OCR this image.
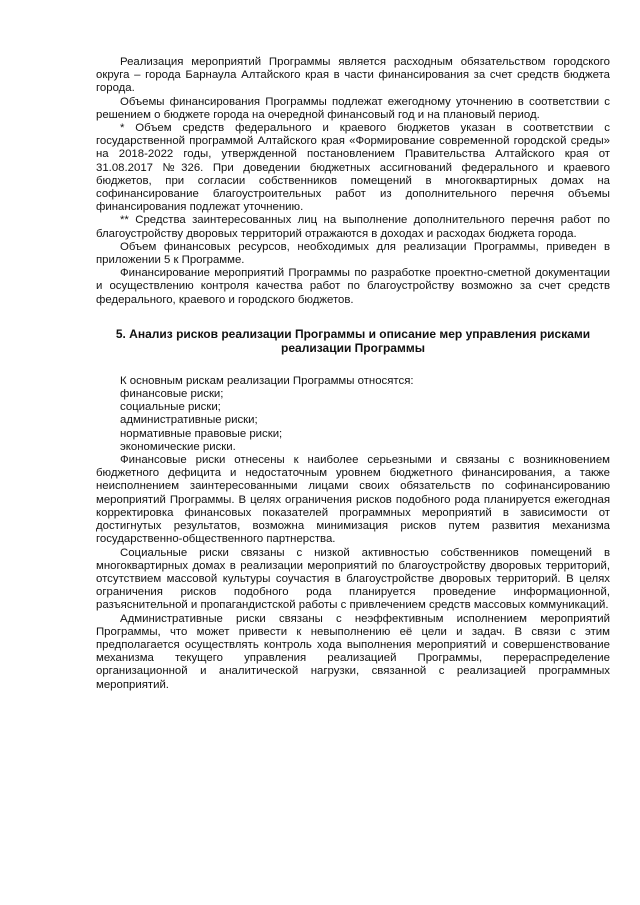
Реализация мероприятий Программы является расходным обязательством городского округа – города Барнаула Алтайского края в части финансирования за счет средств бюджета города.

Объемы финансирования Программы подлежат ежегодному уточнению в соответствии с решением о бюджете города на очередной финансовый год и на плановый период.

* Объем средств федерального и краевого бюджетов указан в соответствии с государственной программой Алтайского края «Формирование современной городской среды» на 2018-2022 годы, утвержденной постановлением Правительства Алтайского края от 31.08.2017 №326. При доведении бюджетных ассигнований федерального и краевого бюджетов, при согласии собственников помещений в многоквартирных домах на софинансирование благоустроительных работ из дополнительного перечня объемы финансирования подлежат уточнению.

** Средства заинтересованных лиц на выполнение дополнительного перечня работ по благоустройству дворовых территорий отражаются в доходах и расходах бюджета города.

Объем финансовых ресурсов, необходимых для реализации Программы, приведен в приложении 5 к Программе.

Финансирование мероприятий Программы по разработке проектно-сметной документации и осуществлению контроля качества работ по благоустройству возможно за счет средств федерального, краевого и городского бюджетов.

5. Анализ рисков реализации Программы и описание мер управления рисками реализации Программы

К основным рискам реализации Программы относятся:

финансовые риски;
социальные риски;
административные риски;
нормативные правовые риски;
экономические риски.

Финансовые риски отнесены к наиболее серьезными и связаны с возникновением бюджетного дефицита и недостаточным уровнем бюджетного финансирования, а также неисполнением заинтересованными лицами своих обязательств по софинансированию мероприятий Программы. В целях ограничения рисков подобного рода планируется ежегодная корректировка финансовых показателей программных мероприятий в зависимости от достигнутых результатов, возможна минимизация рисков путем развития механизма государственно-общественного партнерства.

Социальные риски связаны с низкой активностью собственников помещений в многоквартирных домах в реализации мероприятий по благоустройству дворовых территорий, отсутствием массовой культуры соучастия в благоустройстве дворовых территорий. В целях ограничения рисков подобного рода планируется проведение информационной, разъяснительной и пропагандистской работы с привлечением средств массовых коммуникаций.

Административные риски связаны с неэффективным исполнением мероприятий Программы, что может привести к невыполнению её цели и задач. В связи с этим предполагается осуществлять контроль хода выполнения мероприятий и совершенствование механизма текущего управления реализацией Программы, перераспределение организационной и аналитической нагрузки, связанной с реализацией программных мероприятий.
